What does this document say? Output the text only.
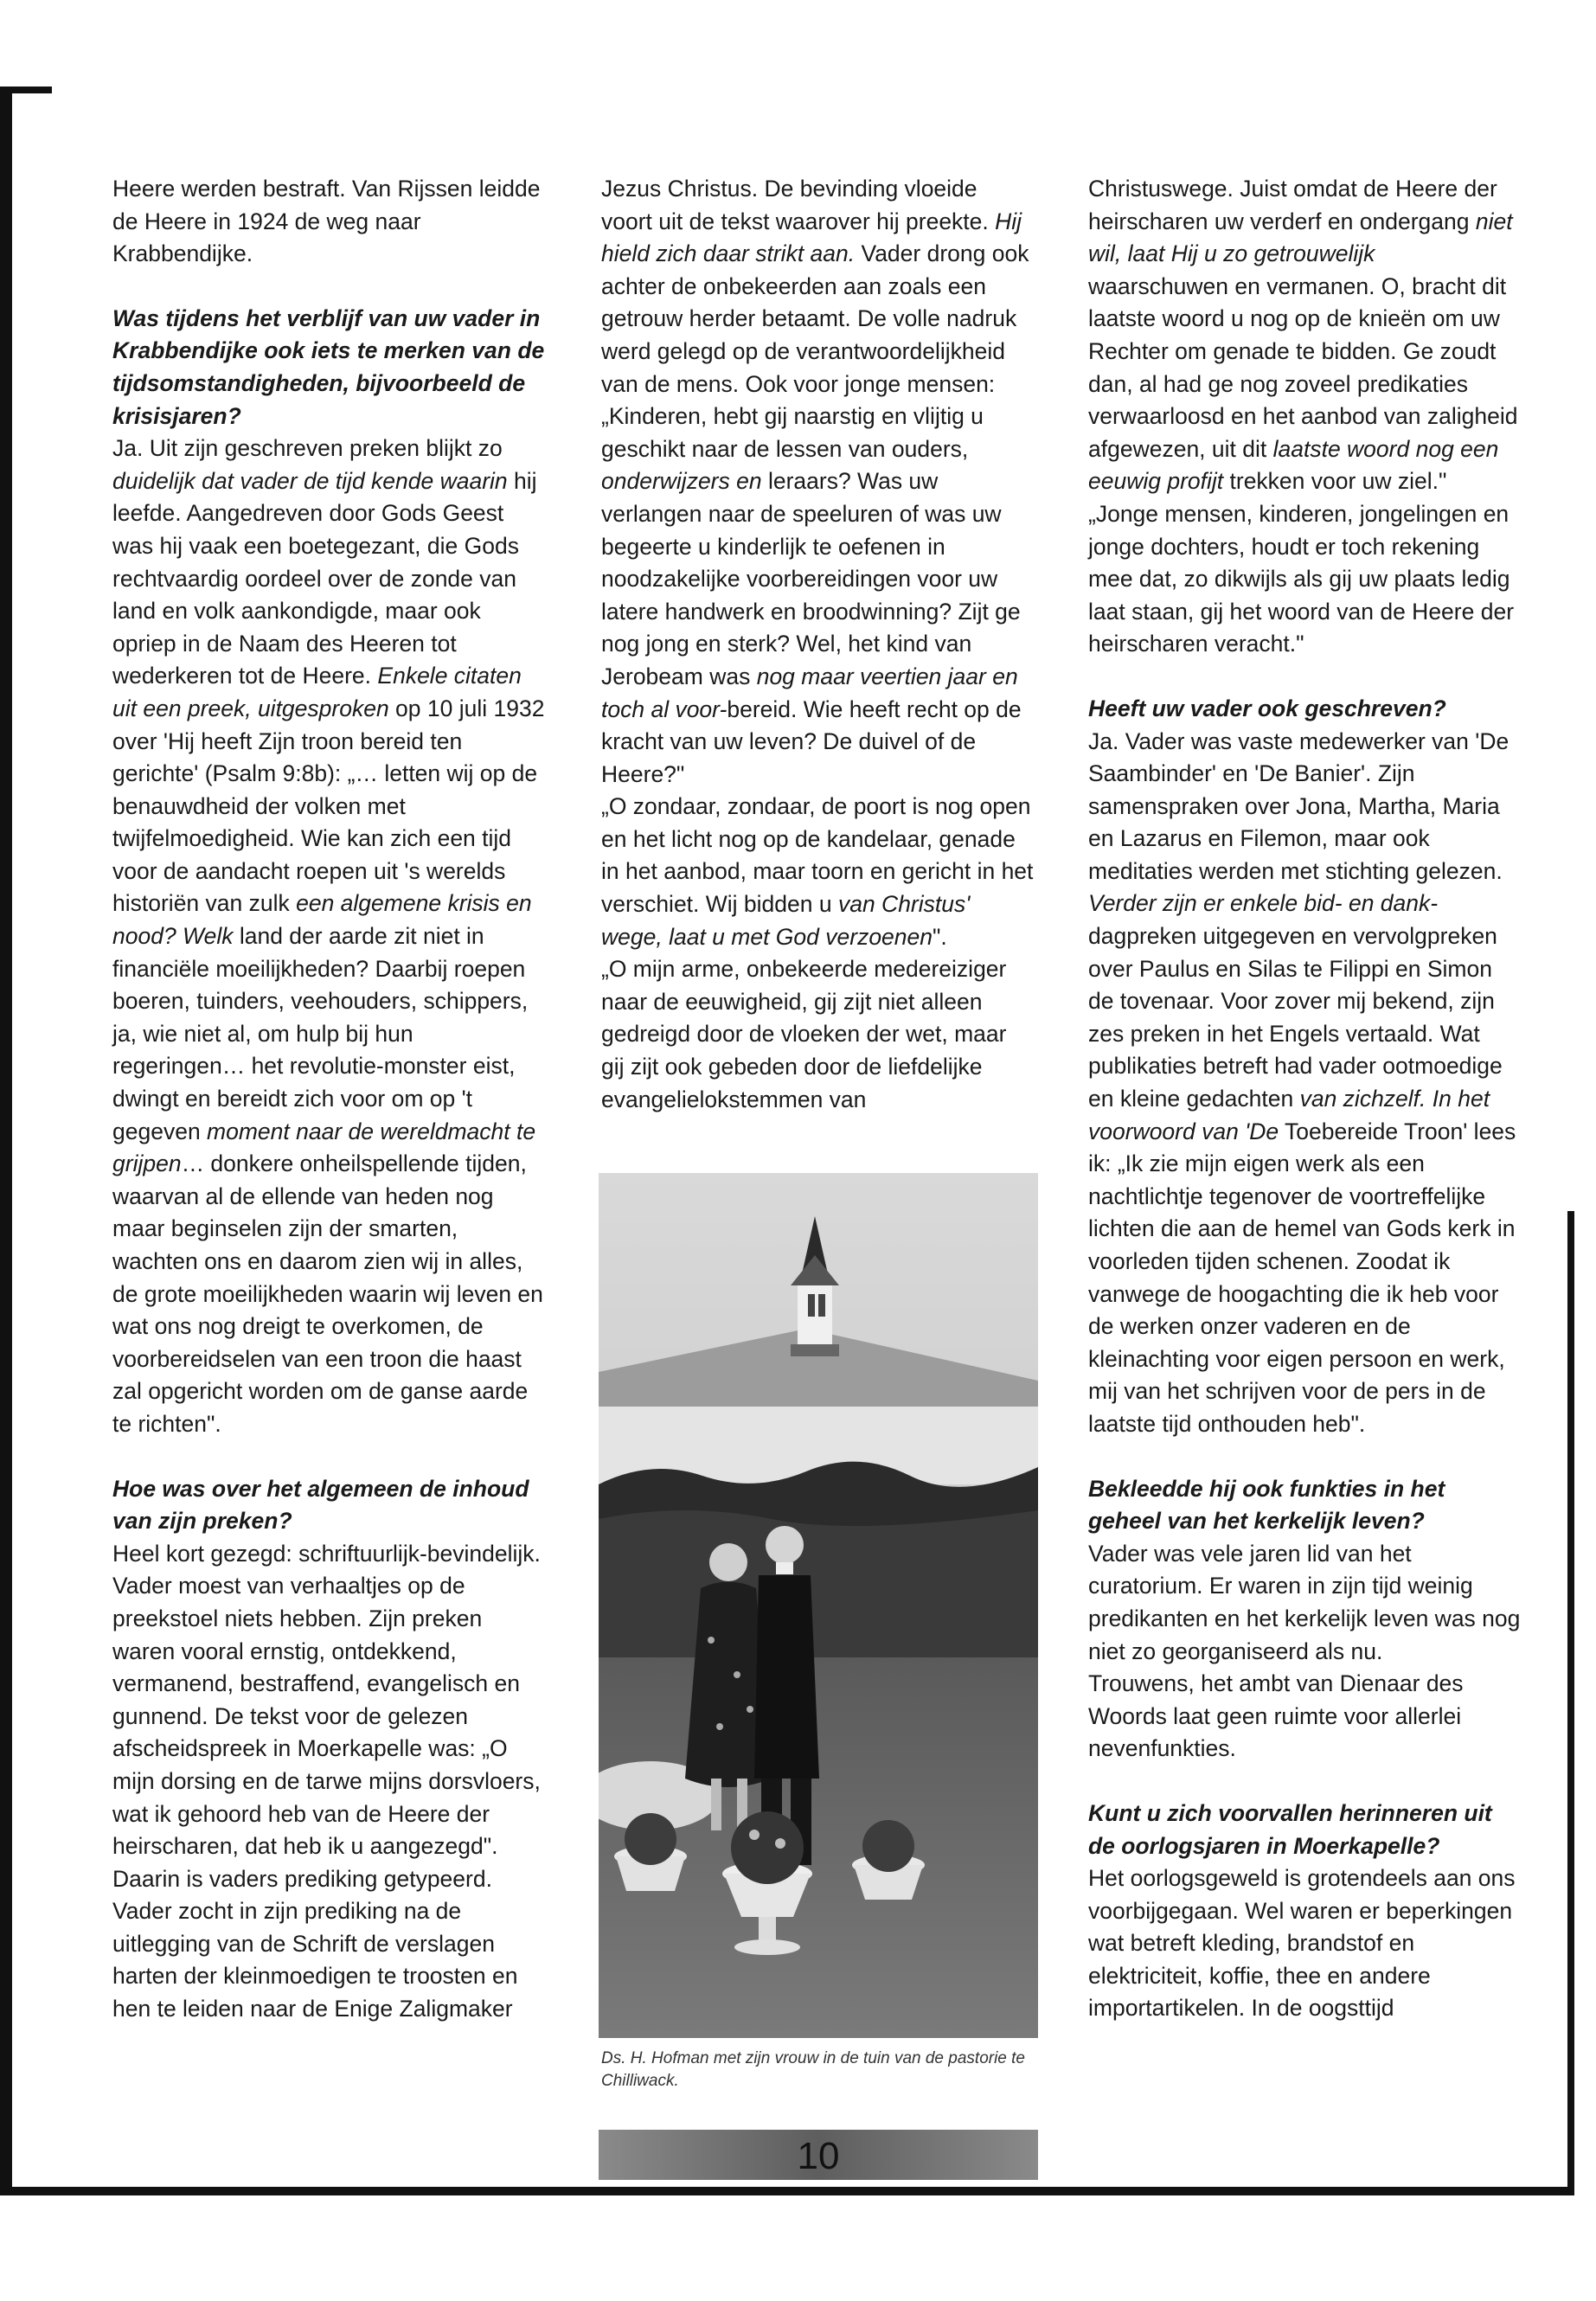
Heere werden bestraft. Van Rijssen leidde de Heere in 1924 de weg naar Krabbendijke.

Was tijdens het verblijf van uw vader in Krabbendijke ook iets te merken van de tijdsomstandigheden, bijvoorbeeld de krisisjaren?

Ja. Uit zijn geschreven preken blijkt zo duidelijk dat vader de tijd kende waarin hij leefde. Aangedreven door Gods Geest was hij vaak een boetegezant, die Gods rechtvaardig oordeel over de zonde van land en volk aankondigde, maar ook opriep in de Naam des Heeren tot wederkeren tot de Heere. Enkele citaten uit een preek, uitgesproken op 10 juli 1932 over 'Hij heeft Zijn troon bereid ten gerichte' (Psalm 9:8b): „… letten wij op de benauwdheid der volken met twijfelmoedigheid. Wie kan zich een tijd voor de aandacht roepen uit 's werelds historiën van zulk een algemene krisis en nood? Welk land der aarde zit niet in financiële moeilijkheden? Daarbij roepen boeren, tuinders, veehouders, schippers, ja, wie niet al, om hulp bij hun regeringen… het revolutie-monster eist, dwingt en bereidt zich voor om op 't gegeven moment naar de wereldmacht te grijpen… donkere onheilspellende tijden, waarvan al de ellende van heden nog maar beginselen zijn der smarten, wachten ons en daarom zien wij in alles, de grote moeilijkheden waarin wij leven en wat ons nog dreigt te overkomen, de voorbereidselen van een troon die haast zal opgericht worden om de ganse aarde te richten".

Hoe was over het algemeen de inhoud van zijn preken?

Heel kort gezegd: schriftuurlijk-bevindelijk. Vader moest van verhaaltjes op de preekstoel niets hebben. Zijn preken waren vooral ernstig, ontdekkend, vermanend, bestraffend, evangelisch en gunnend. De tekst voor de gelezen afscheidspreek in Moerkapelle was: „O mijn dorsing en de tarwe mijns dorsvloers, wat ik gehoord heb van de Heere der heirscharen, dat heb ik u aangezegd". Daarin is vaders prediking getypeerd.

Vader zocht in zijn prediking na de uitlegging van de Schrift de verslagen harten der kleinmoedigen te troosten en hen te leiden naar de Enige Zaligmaker

Jezus Christus. De bevinding vloeide voort uit de tekst waarover hij preekte. Hij hield zich daar strikt aan. Vader drong ook achter de onbekeerden aan zoals een getrouw herder betaamt. De volle nadruk werd gelegd op de verantwoordelijkheid van de mens. Ook voor jonge mensen: „Kinderen, hebt gij naarstig en vlijtig u geschikt naar de lessen van ouders, onderwijzers en leraars? Was uw verlangen naar de speeluren of was uw begeerte u kinderlijk te oefenen in noodzakelijke voorbereidingen voor uw latere handwerk en broodwinning? Zijt ge nog jong en sterk? Wel, het kind van Jerobeam was nog maar veertien jaar en toch al voor-bereid. Wie heeft recht op de kracht van uw leven? De duivel of de Heere?"

„O zondaar, zondaar, de poort is nog open en het licht nog op de kandelaar, genade in het aanbod, maar toorn en gericht in het verschiet. Wij bidden u van Christus' wege, laat u met God verzoenen".

„O mijn arme, onbekeerde medereiziger naar de eeuwigheid, gij zijt niet alleen gedreigd door de vloeken der wet, maar gij zijt ook gebeden door de liefdelijke evangelielokstemmen van

Ds. H. Hofman met zijn vrouw in de tuin van de pastorie te Chilliwack.
10

Christuswege. Juist omdat de Heere der heirscharen uw verderf en ondergang niet wil, laat Hij u zo getrouwelijk waarschuwen en vermanen. O, bracht dit laatste woord u nog op de knieën om uw Rechter om genade te bidden. Ge zoudt dan, al had ge nog zoveel predikaties verwaarloosd en het aanbod van zaligheid afgewezen, uit dit laatste woord nog een eeuwig profijt trekken voor uw ziel."

„Jonge mensen, kinderen, jongelingen en jonge dochters, houdt er toch rekening mee dat, zo dikwijls als gij uw plaats ledig laat staan, gij het woord van de Heere der heirscharen veracht."

Heeft uw vader ook geschreven?

Ja. Vader was vaste medewerker van 'De Saambinder' en 'De Banier'. Zijn samenspraken over Jona, Martha, Maria en Lazarus en Filemon, maar ook meditaties werden met stichting gelezen. Verder zijn er enkele bid- en dank-dagpreken uitgegeven en vervolgpreken over Paulus en Silas te Filippi en Simon de tovenaar. Voor zover mij bekend, zijn zes preken in het Engels vertaald. Wat publikaties betreft had vader ootmoedige en kleine gedachten van zichzelf. In het voorwoord van 'De Toebereide Troon' lees ik: „Ik zie mijn eigen werk als een nachtlichtje tegenover de voortreffelijke lichten die aan de hemel van Gods kerk in voorleden tijden schenen. Zoodat ik vanwege de hoogachting die ik heb voor de werken onzer vaderen en de kleinachting voor eigen persoon en werk, mij van het schrijven voor de pers in de laatste tijd onthouden heb".

Bekleedde hij ook funkties in het geheel van het kerkelijk leven?

Vader was vele jaren lid van het curatorium. Er waren in zijn tijd weinig predikanten en het kerkelijk leven was nog niet zo georganiseerd als nu.

Trouwens, het ambt van Dienaar des Woords laat geen ruimte voor allerlei nevenfunkties.

Kunt u zich voorvallen herinneren uit de oorlogsjaren in Moerkapelle?

Het oorlogsgeweld is grotendeels aan ons voorbijgegaan. Wel waren er beperkingen wat betreft kleding, brandstof en elektriciteit, koffie, thee en andere importartikelen. In de oogsttijd
